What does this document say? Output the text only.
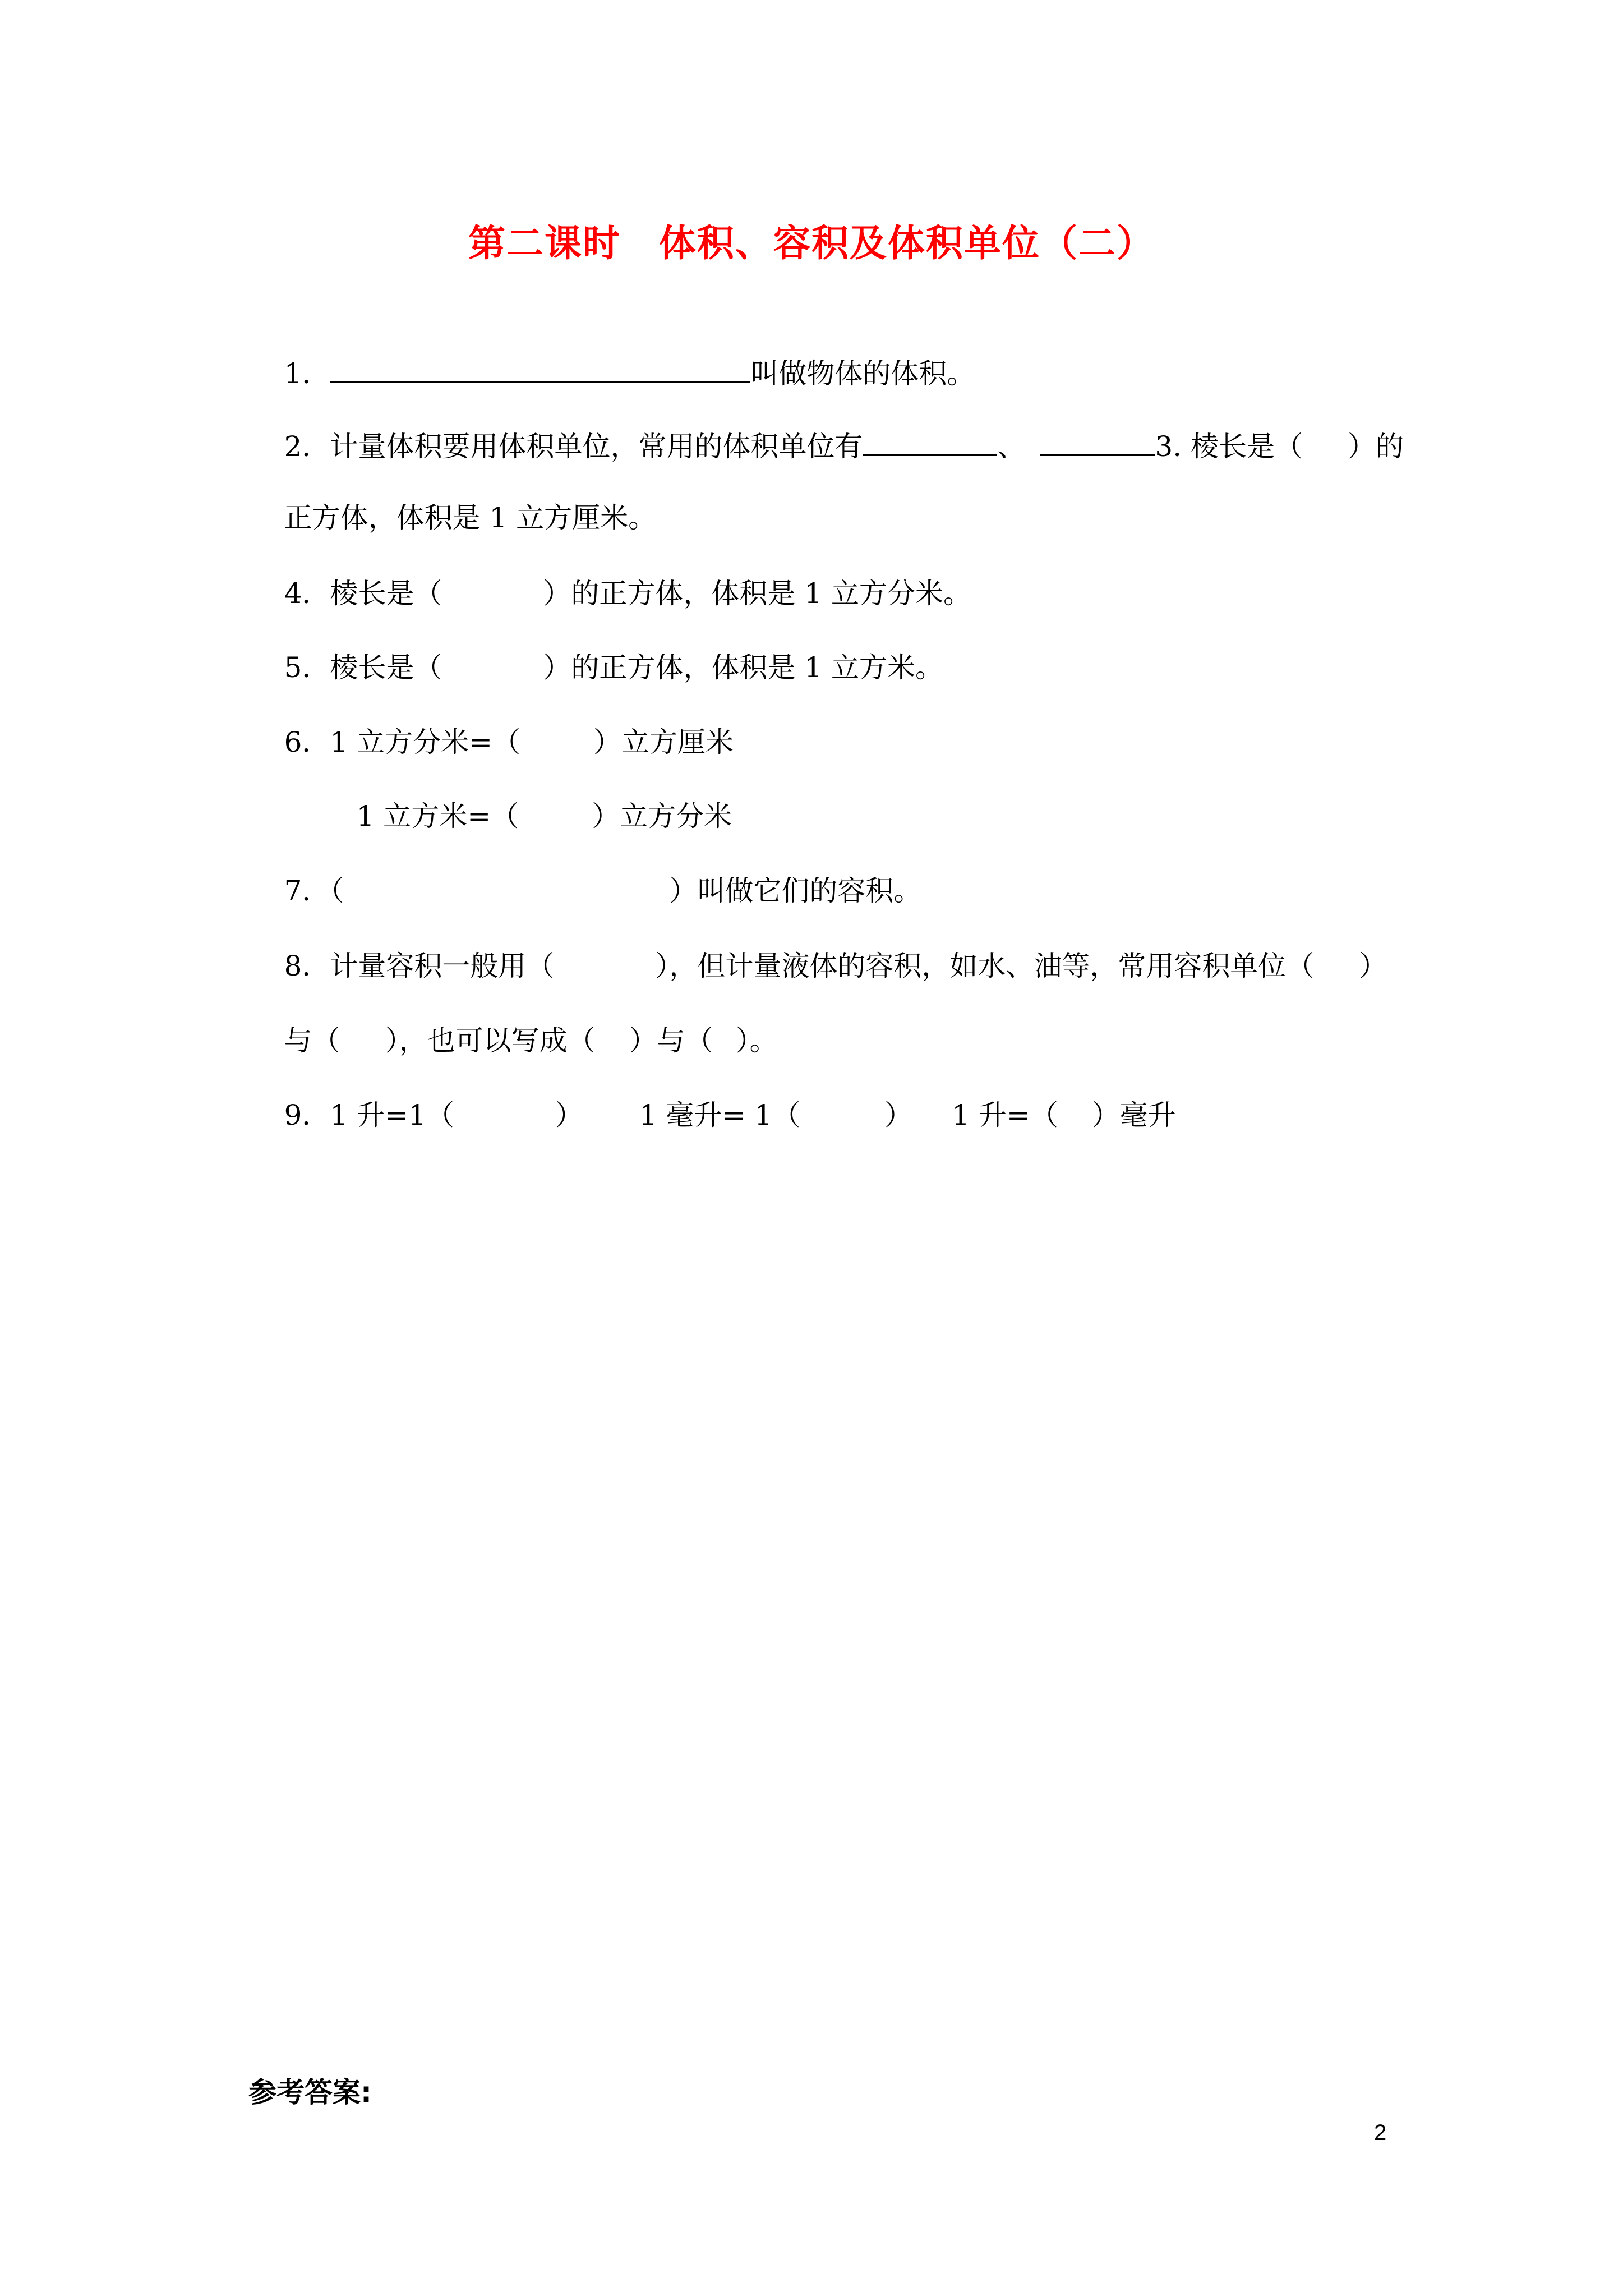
第二课时　体积、容积及体积单位（二）

1．	叫做物体的体积。

2．计量体积要用体积单位，常用的体积单位有	、	3. 棱长是（ ）的

正方体，体积是 1 立方厘米。

4．棱长是（	）的正方体，体积是 1 立方分米。

5．棱长是（	）的正方体，体积是 1 立方米。

6．1 立方分米=（	）立方厘米

1 立方米=（	）立方分米

7．（	）叫做它们的容积。

8．计量容积一般用（	），但计量液体的容积，如水、油等，常用容积单位（ ）

与（ ），也可以写成（ ）与（ ）。

9．1 升=1（	） 1 毫升= 1（	） 1 升=（ ）毫升

参考答案:
2
